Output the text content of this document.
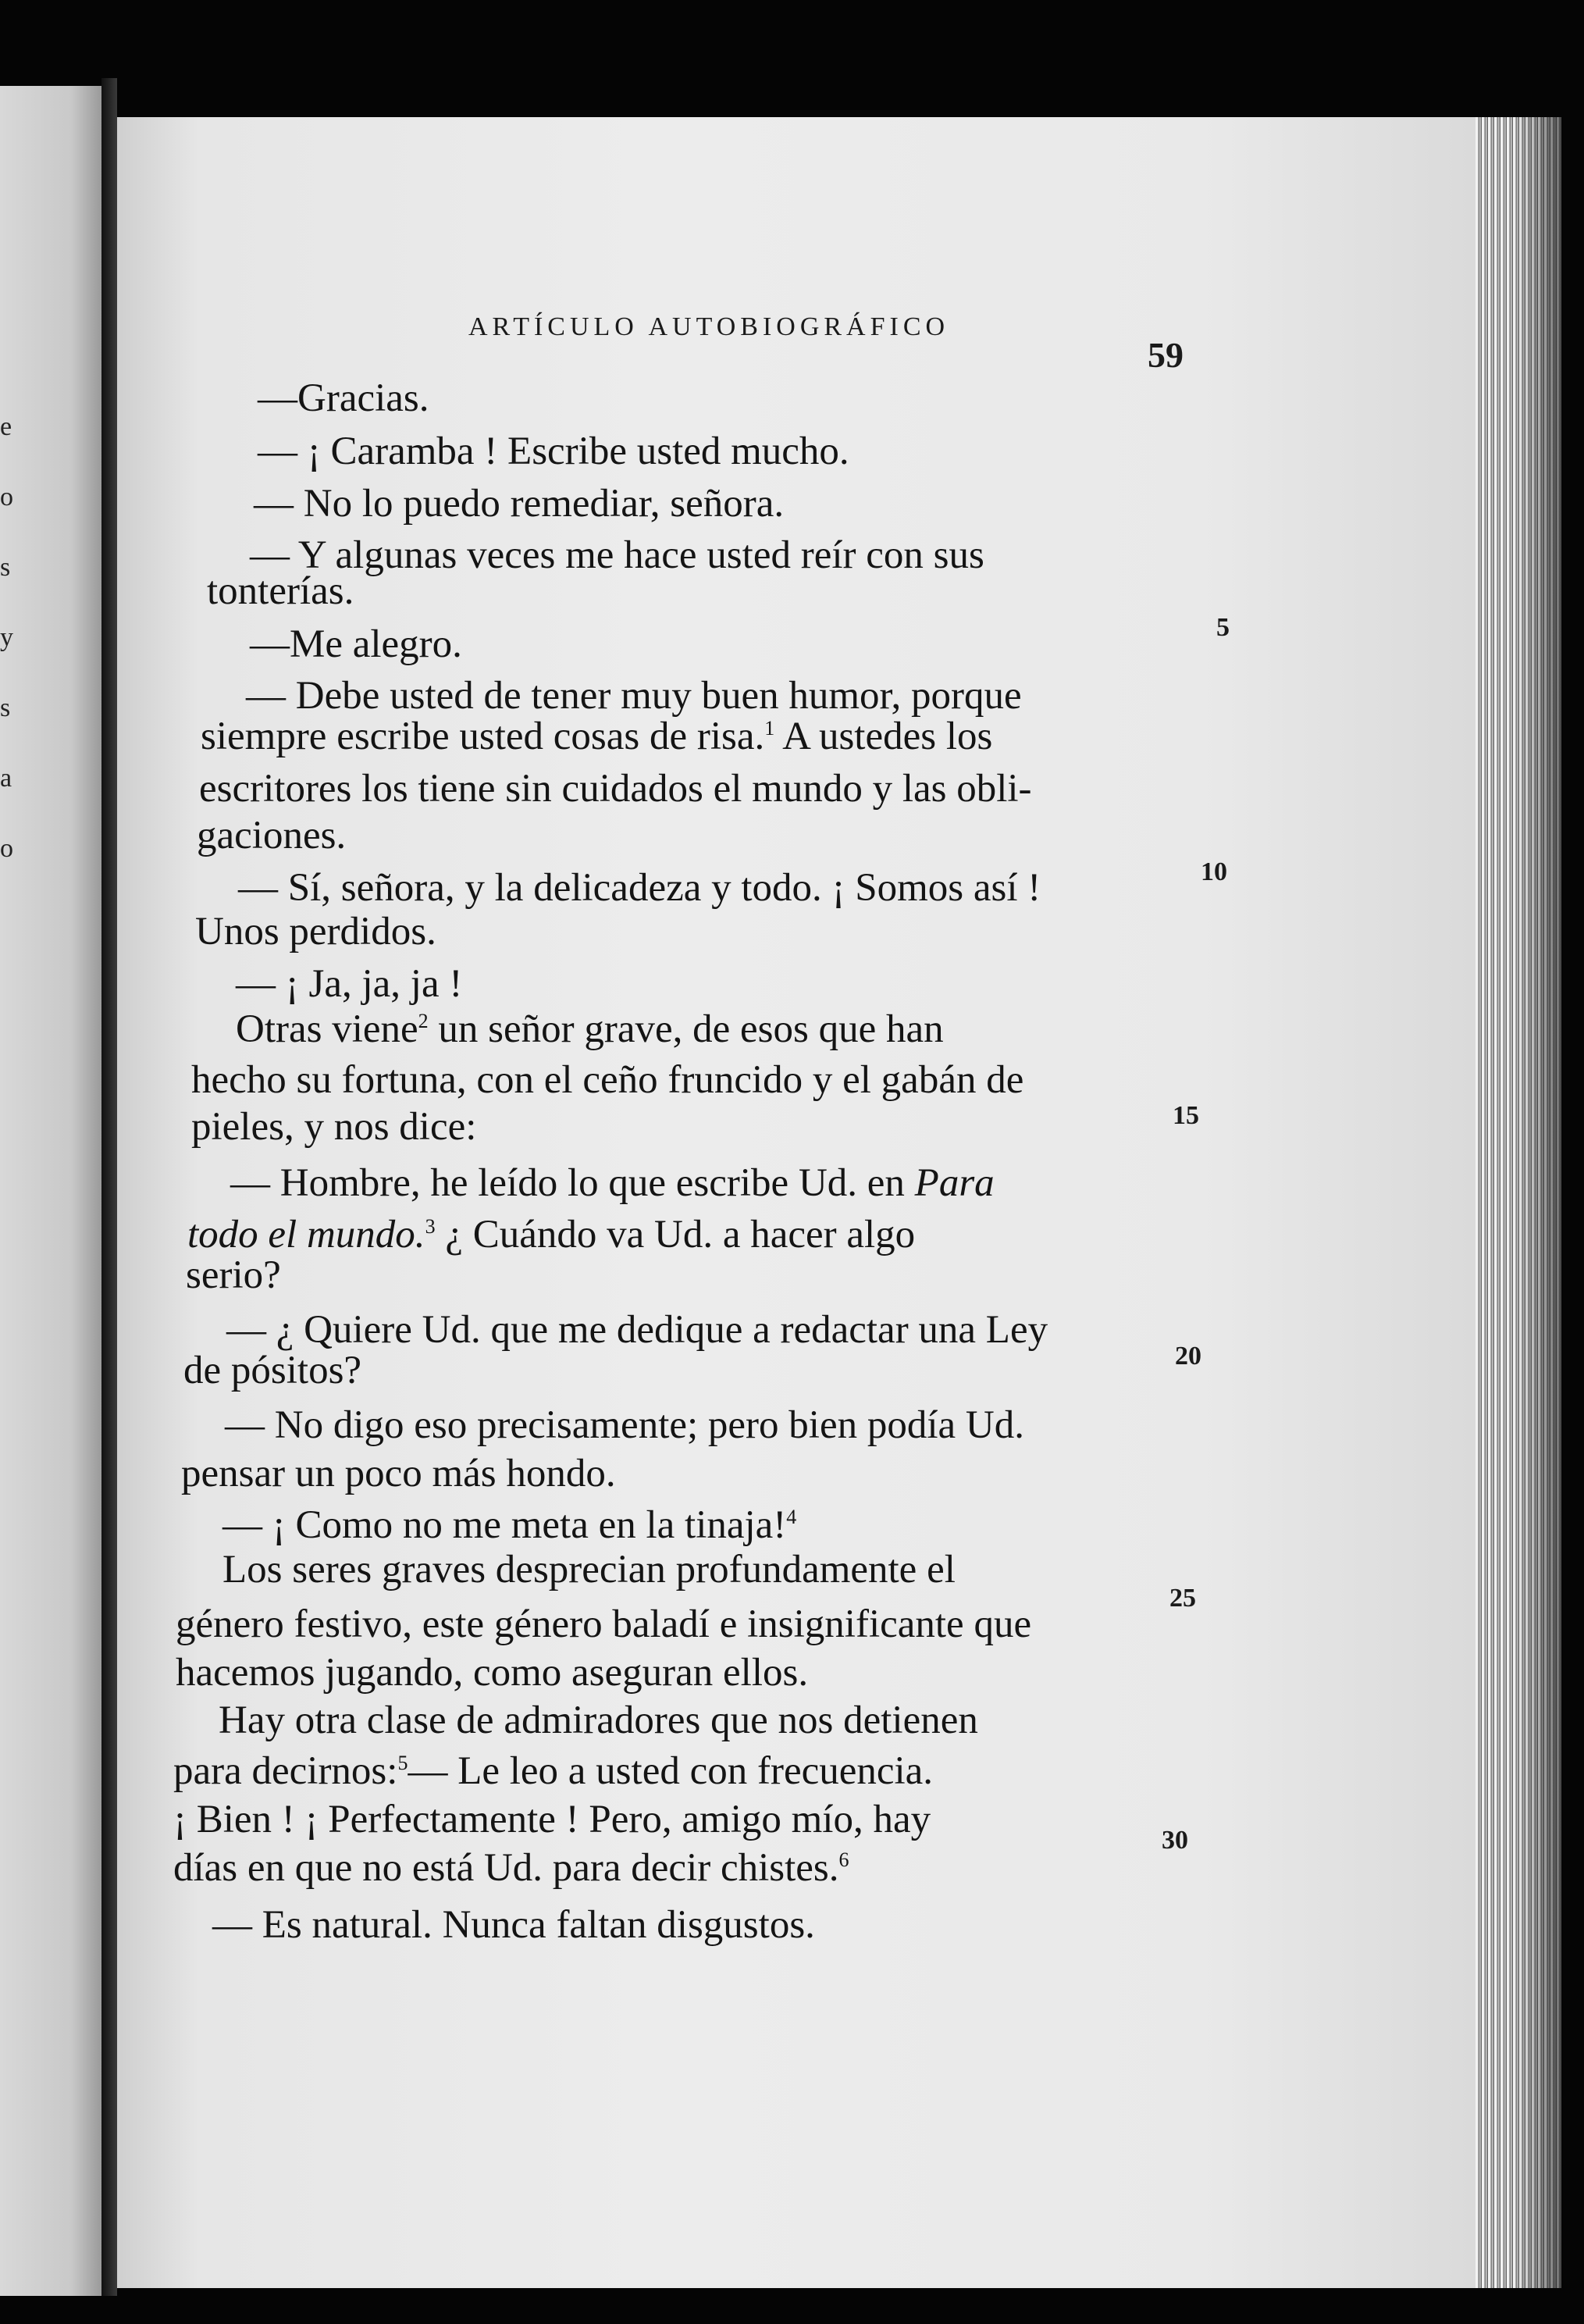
e
o
s
y
s
a
o
ARTÍCULO AUTOBIOGRÁFICO
59
—Gracias.
— ¡ Caramba ! Escribe usted mucho.
— No lo puedo remediar, señora.
— Y algunas veces me hace usted reír con sus
tonterías.
—Me alegro.
— Debe usted de tener muy buen humor, porque
siempre escribe usted cosas de risa.$^1$ A ustedes los
escritores los tiene sin cuidados el mundo y las obli-
gaciones.
— Sí, señora, y la delicadeza y todo. ¡ Somos así !
Unos perdidos.
— ¡ Ja, ja, ja !
Otras viene$^2$ un señor grave, de esos que han
hecho su fortuna, con el ceño fruncido y el gabán de
pieles, y nos dice:
— Hombre, he leído lo que escribe Ud. en Para
todo el mundo.$^3$ ¿ Cuándo va Ud. a hacer algo
serio?
— ¿ Quiere Ud. que me dedique a redactar una Ley
de pósitos?
— No digo eso precisamente; pero bien podía Ud.
pensar un poco más hondo.
— ¡ Como no me meta en la tinaja!$^4$
Los seres graves desprecian profundamente el
género festivo, este género baladí e insignificante que
hacemos jugando, como aseguran ellos.
Hay otra clase de admiradores que nos detienen
para decirnos:$^5$— Le leo a usted con frecuencia.
¡ Bien ! ¡ Perfectamente ! Pero, amigo mío, hay
días en que no está Ud. para decir chistes.$^6$
— Es natural. Nunca faltan disgustos.
5
10
15
20
25
30
